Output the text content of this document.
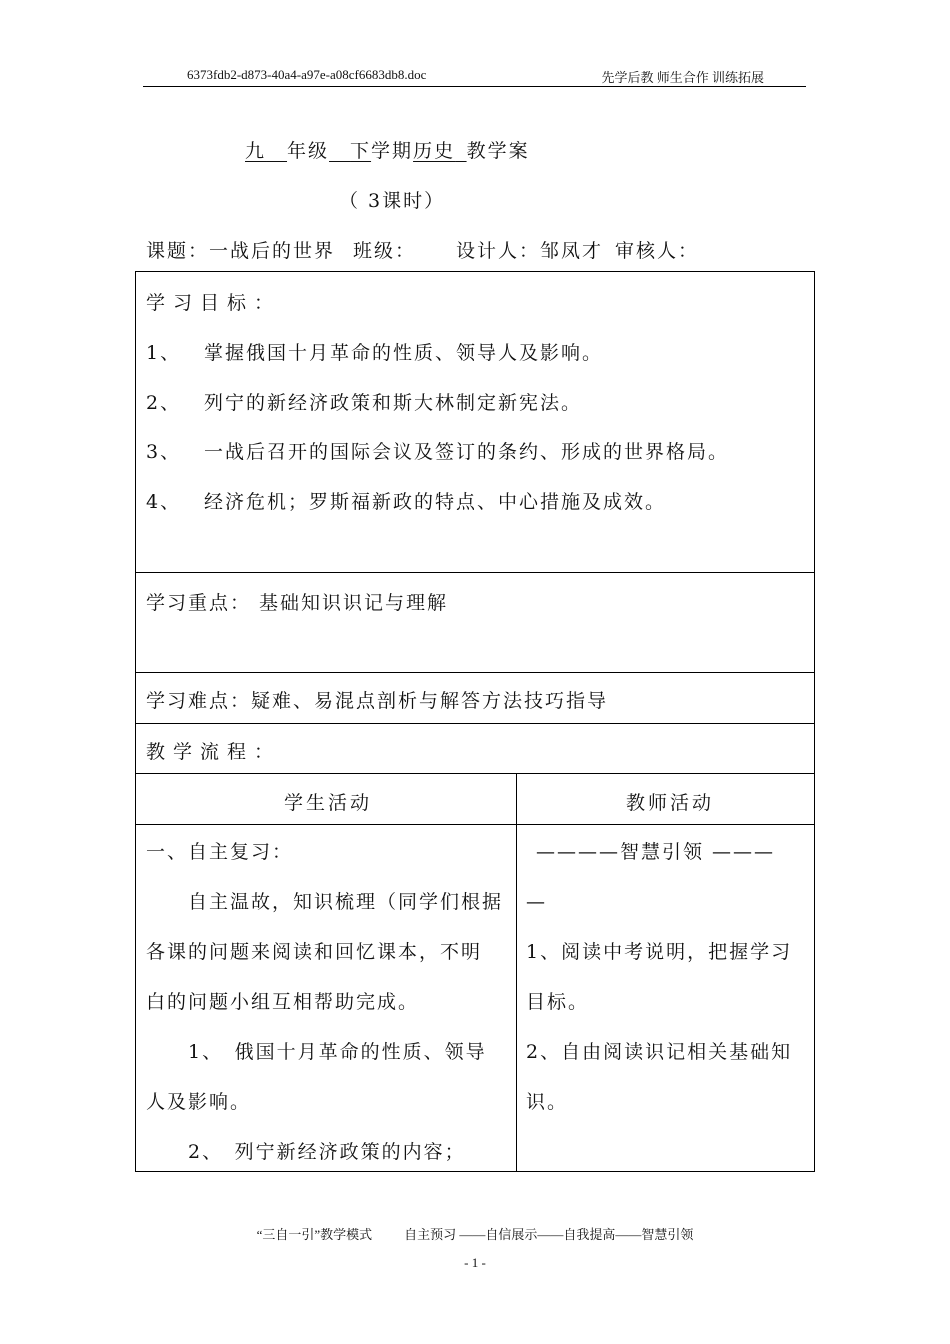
6373fdb2-d873-40a4-a97e-a08cf6683db8.doc	先学后教 师生合作 训练拓展
九  年级  下学期历史  教学案
（ 3课时）
课题：一战后的世界 班级： 设计人：邹凤才 审核人：
学习目标：
1、 掌握俄国十月革命的性质、领导人及影响。
2、 列宁的新经济政策和斯大林制定新宪法。
3、 一战后召开的国际会议及签订的条约、形成的世界格局。
4、 经济危机；罗斯福新政的特点、中心措施及成效。
学习重点： 基础知识识记与理解
学习难点：疑难、易混点剖析与解答方法技巧指导
教学流程：
学生活动	教师活动
一、自主复习：
　　自主温故，知识梳理（同学们根据
各课的问题来阅读和回忆课本，不明
白的问题小组互相帮助完成。
　　1、　俄国十月革命的性质、领导
人及影响。
　　2、　列宁新经济政策的内容；
————智慧引领 ———
—
1、阅读中考说明，把握学习
目标。
2、自由阅读识记相关基础知
识。
“三自一引”教学模式 自主预习 ——自信展示——自我提高——智慧引领
- 1 -
